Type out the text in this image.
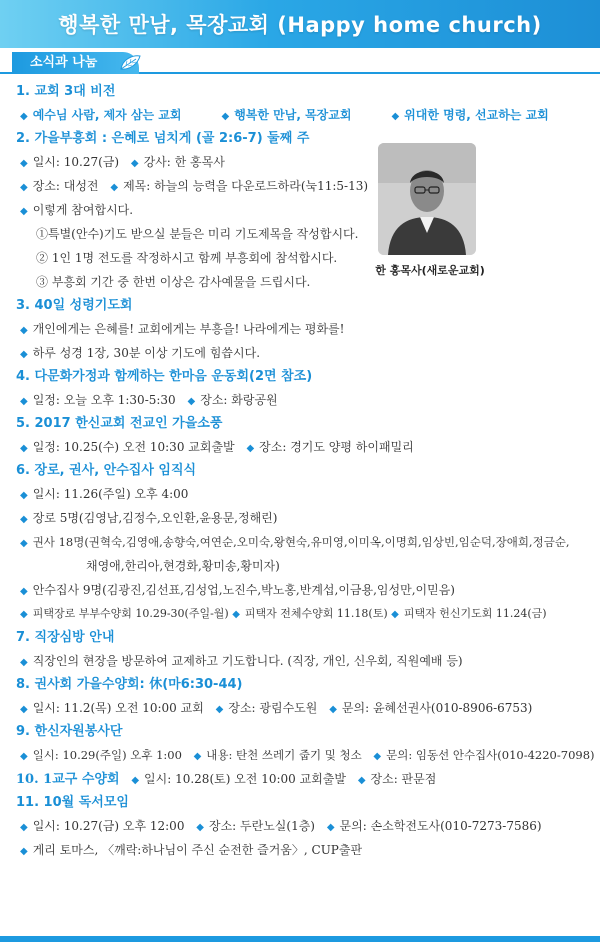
행복한 만남, 목장교회 (Happy home church)
소식과 나눔
한 홍목사(새로운교회)
1. 교회 3대 비전
◆ 예수님 사람, 제자 삼는 교회	◆ 행복한 만남, 목장교회	◆ 위대한 명령, 선교하는 교회
2. 가을부흥회 : 은혜로 넘치게 (골 2:6-7) 둘째 주
◆ 일시: 10.27(금) ◆ 강사: 한 홍목사
◆ 장소: 대성전 ◆ 제목: 하늘의 능력을 다운로드하라(눅11:5-13)
◆ 이렇게 참여합시다.
①특별(안수)기도 받으실 분들은 미리 기도제목을 작성합시다.
② 1인 1명 전도를 작정하시고 함께 부흥회에 참석합시다.
③ 부흥회 기간 중 한번 이상은 감사예물을 드립시다.
3. 40일 성령기도회
◆ 개인에게는 은혜를! 교회에게는 부흥을! 나라에게는 평화를!
◆ 하루 성경 1장, 30분 이상 기도에 힘씁시다.
4. 다문화가정과 함께하는 한마음 운동회(2면 참조)
◆ 일정: 오늘 오후 1:30-5:30 ◆ 장소: 화랑공원
5. 2017 한신교회 전교인 가을소풍
◆ 일정: 10.25(수) 오전 10:30 교회출발 ◆ 장소: 경기도 양평 하이패밀리
6. 장로, 권사, 안수집사 임직식
◆ 일시: 11.26(주일) 오후 4:00
◆ 장로 5명(김영남,김정수,오인환,윤용문,정해린)
◆ 권사 18명(권혁숙,김영애,송향숙,여연순,오미숙,왕현숙,유미영,이미옥,이명희,임상빈,임순덕,장애희,정금순,
채영애,한리아,현경화,황미송,황미자)
◆ 안수집사 9명(김광진,김선표,김성업,노진수,박노홍,반계섭,이금용,임성만,이믿음)
◆ 피택장로 부부수양회 10.29-30(주일-월) ◆ 피택자 전체수양회 11.18(토) ◆ 피택자 헌신기도회 11.24(금)
7. 직장심방 안내
◆ 직장인의 현장을 방문하여 교제하고 기도합니다. (직장, 개인, 신우회, 직원예배 등)
8. 권사회 가을수양회: 休(마6:30-44)
◆ 일시: 11.2(목) 오전 10:00 교회 ◆ 장소: 광림수도원 ◆ 문의: 윤혜선권사(010-8906-6753)
9. 한신자원봉사단
◆ 일시: 10.29(주일) 오후 1:00 ◆ 내용: 탄천 쓰레기 줍기 및 청소 ◆ 문의: 임동선 안수집사(010-4220-7098)
10. 1교구 수양회 ◆ 일시: 10.28(토) 오전 10:00 교회출발 ◆ 장소: 판문점
11. 10월 독서모임
◆ 일시: 10.27(금) 오후 12:00 ◆ 장소: 두란노실(1층) ◆ 문의: 손소학전도사(010-7273-7586)
◆ 게리 토마스, 〈깨락:하나님이 주신 순전한 즐거움〉, CUP출판
